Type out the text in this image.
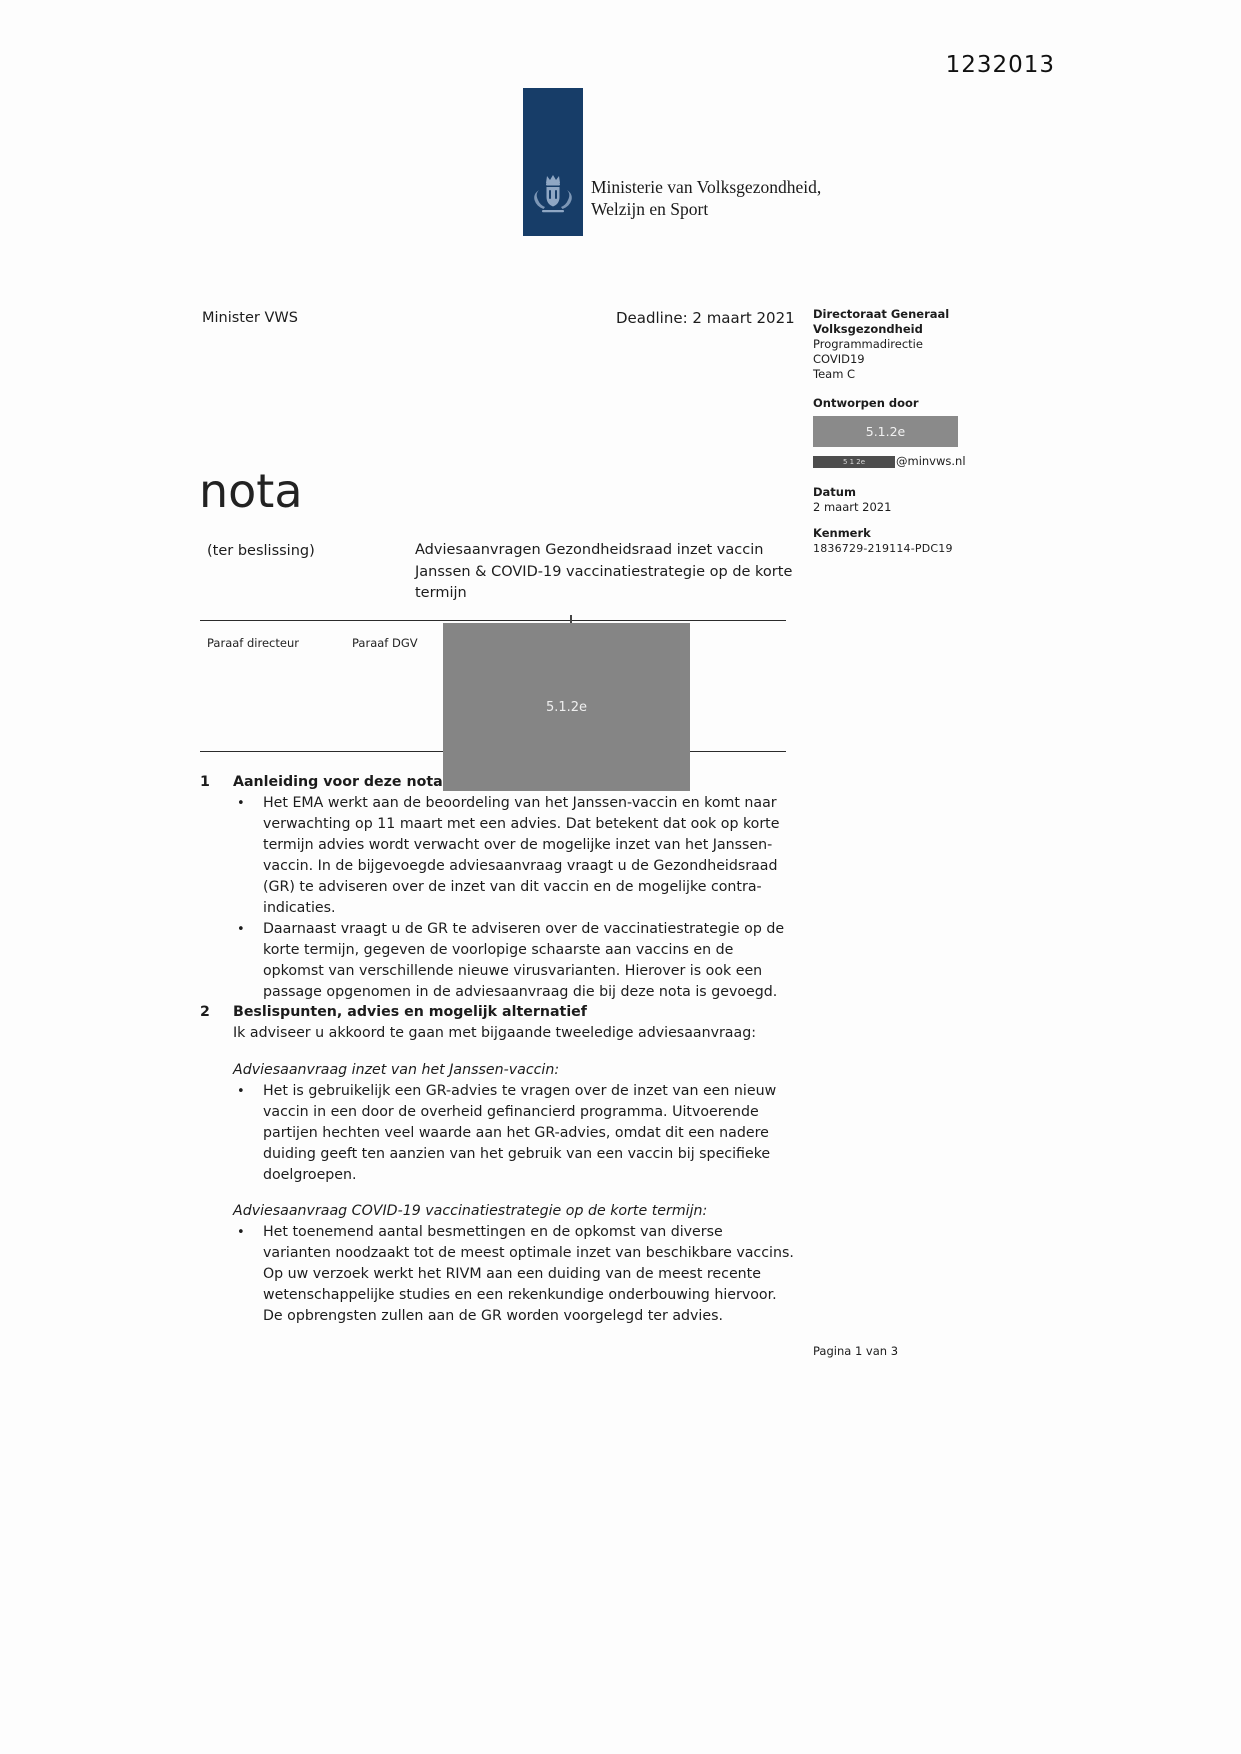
1232013
Ministerie van Volksgezondheid,
Welzijn en Sport
Minister VWS	Deadline: 2 maart 2021 Directoraat Generaal
Volksgezondheid
Programmadirectie COVID19
Team C
Ontworpen door
5.1.2e
5 1 2e	@minvws.nl
Datum
2 maart 2021
Kenmerk
1836729-219114-PDC19
nota
(ter beslissing)	Adviesaanvragen Gezondheidsraad inzet vaccin Janssen & COVID-19 vaccinatiestrategie op de korte termijn
Paraaf directeur	Paraaf DGV
5.1.2e
1	Aanleiding voor deze nota
•	Het EMA werkt aan de beoordeling van het Janssen-vaccin en komt naar verwachting op 11 maart met een advies. Dat betekent dat ook op korte termijn advies wordt verwacht over de mogelijke inzet van het Janssen-vaccin. In de bijgevoegde adviesaanvraag vraagt u de Gezondheidsraad (GR) te adviseren over de inzet van dit vaccin en de mogelijke contra-indicaties.
•	Daarnaast vraagt u de GR te adviseren over de vaccinatiestrategie op de korte termijn, gegeven de voorlopige schaarste aan vaccins en de opkomst van verschillende nieuwe virusvarianten. Hierover is ook een passage opgenomen in de adviesaanvraag die bij deze nota is gevoegd.
2	Beslispunten, advies en mogelijk alternatief
Ik adviseer u akkoord te gaan met bijgaande tweeledige adviesaanvraag:
Adviesaanvraag inzet van het Janssen-vaccin:
•	Het is gebruikelijk een GR-advies te vragen over de inzet van een nieuw vaccin in een door de overheid gefinancierd programma. Uitvoerende partijen hechten veel waarde aan het GR-advies, omdat dit een nadere duiding geeft ten aanzien van het gebruik van een vaccin bij specifieke doelgroepen.
Adviesaanvraag COVID-19 vaccinatiestrategie op de korte termijn:
•	Het toenemend aantal besmettingen en de opkomst van diverse varianten noodzaakt tot de meest optimale inzet van beschikbare vaccins. Op uw verzoek werkt het RIVM aan een duiding van de meest recente wetenschappelijke studies en een rekenkundige onderbouwing hiervoor. De opbrengsten zullen aan de GR worden voorgelegd ter advies.
Pagina 1 van 3
